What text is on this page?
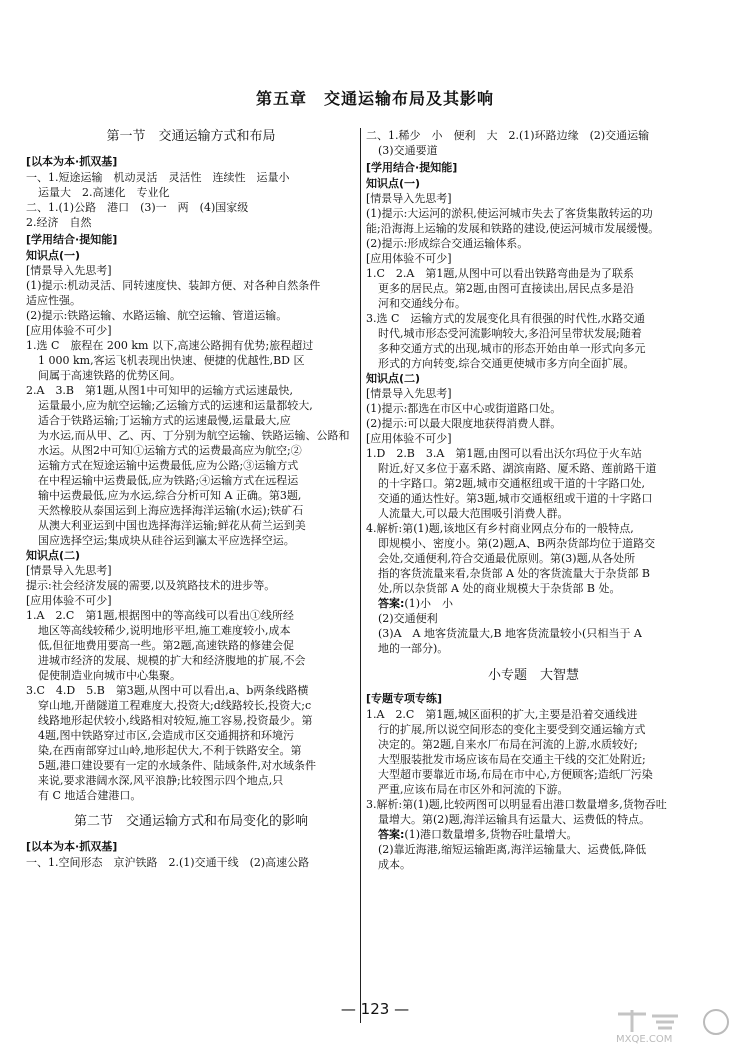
第五章　交通运输布局及其影响
第一节　交通运输方式和布局
[以本为本·抓双基]
一、1.短途运输　机动灵活　灵活性　连续性　运量小
运量大　2.高速化　专业化
二、1.(1)公路　港口　(3)一　两　(4)国家级
2.经济　自然
[学用结合·提知能]
知识点(一)
[情景导入先思考]
(1)提示:机动灵活、同转速度快、装卸方便、对各种自然条件
适应性强。
(2)提示:铁路运输、水路运输、航空运输、管道运输。
[应用体验不可少]
1.选 C　旅程在 200 km 以下,高速公路拥有优势;旅程超过
1 000 km,客运飞机表现出快速、便捷的优越性,BD 区
间属于高速铁路的优势区间。
2.A　3.B　第1题,从图1中可知甲的运输方式运速最快,
运量最小,应为航空运输;乙运输方式的运速和运量都较大,
适合于铁路运输;丁运输方式的运速最慢,运量最大,应
为水运,而从甲、乙、丙、丁分别为航空运输、铁路运输、公路和
水运。从图2中可知①运输方式的运费最高应为航空;②
运输方式在短途运输中运费最低,应为公路;③运输方式
在中程运输中运费最低,应为铁路;④运输方式在远程运
输中运费最低,应为水运,综合分析可知 A 正确。第3题,
天然橡胶从泰国运到上海应选择海洋运输(水运);铁矿石
从澳大利亚运到中国也选择海洋运输;鲜花从荷兰运到美
国应选择空运;集成块从硅谷运到瀛太平应选择空运。
知识点(二)
[情景导入先思考]
提示:社会经济发展的需要,以及筑路技术的进步等。
[应用体验不可少]
1.A　2.C　第1题,根据图中的等高线可以看出①线所经
地区等高线较稀少,说明地形平坦,施工难度较小,成本
低,但征地费用要高一些。第2题,高速铁路的修建会促
进城市经济的发展、规模的扩大和经济腹地的扩展,不会
促使制造业向城市中心集聚。
3.C　4.D　5.B　第3题,从图中可以看出,a、b两条线路横
穿山地,开凿隧道工程难度大,投资大;d线路较长,投资大;c
线路地形起伏较小,线路相对较短,施工容易,投资最少。第
4题,图中铁路穿过市区,会造成市区交通拥挤和环境污
染,在西南部穿过山岭,地形起伏大,不利于铁路安全。第
5题,港口建设要有一定的水域条件、陆域条件,对水域条件
来说,要求港阔水深,风平浪静;比较图示四个地点,只
有 C 地适合建港口。
第二节　交通运输方式和布局变化的影响
[以本为本·抓双基]
一、1.空间形态　京沪铁路　2.(1)交通干线　(2)高速公路
二、1.稀少　小　便利　大　2.(1)环路边缘　(2)交通运输
(3)交通要道
[学用结合·提知能]
知识点(一)
[情景导入先思考]
(1)提示:大运河的淤积,使运河城市失去了客货集散转运的功
能;沿海海上运输的发展和铁路的建设,使运河城市发展缓慢。
(2)提示:形成综合交通运输体系。
[应用体验不可少]
1.C　2.A　第1题,从图中可以看出铁路弯曲是为了联系
更多的居民点。第2题,由图可直接读出,居民点多是沿
河和交通线分布。
3.选 C　运输方式的发展变化具有很强的时代性,水路交通
时代,城市形态受河流影响较大,多沿河呈带状发展;随着
多种交通方式的出现,城市的形态开始由单一形式向多元
形式的方向转变,综合交通更使城市多方向全面扩展。
知识点(二)
[情景导入先思考]
(1)提示:都选在市区中心或街道路口处。
(2)提示:可以最大限度地获得消费人群。
[应用体验不可少]
1.D　2.B　3.A　第1题,由图可以看出沃尔玛位于火车站
附近,好又多位于嘉禾路、湖滨南路、厦禾路、莲前路干道
的十字路口。第2题,城市交通枢纽或干道的十字路口处,
交通的通达性好。第3题,城市交通枢纽或干道的十字路口
人流量大,可以最大范围吸引消费人群。
4.解析:第(1)题,该地区有乡村商业网点分布的一般特点,
即规模小、密度小。第(2)题,A、B两杂货部均位于道路交
会处,交通便利,符合交通最优原则。第(3)题,从各处所
指的客货流量来看,杂货部 A 处的客货流量大于杂货部 B
处,所以杂货部 A 处的商业规模大于杂货部 B 处。
答案:(1)小　小
(2)交通便利
(3)A　A 地客货流量大,B 地客货流量较小(只相当于 A
地的一部分)。
小专题　大智慧
[专题专项专练]
1.A　2.C　第1题,城区面积的扩大,主要是沿着交通线进
行的扩展,所以说空间形态的变化主要受到交通运输方式
决定的。第2题,自来水厂布局在河流的上游,水质较好;
大型服装批发市场应该布局在交通主干线的交汇处附近;
大型超市要靠近市场,布局在市中心,方便顾客;造纸厂污染
严重,应该布局在市区外和河流的下游。
3.解析:第(1)题,比较两图可以明显看出港口数量增多,货物吞吐
量增大。第(2)题,海洋运输具有运量大、运费低的特点。
答案:(1)港口数量增多,货物吞吐量增大。
(2)靠近海港,缩短运输距离,海洋运输量大、运费低,降低
成本。
— 123 —
MXQE.COM
